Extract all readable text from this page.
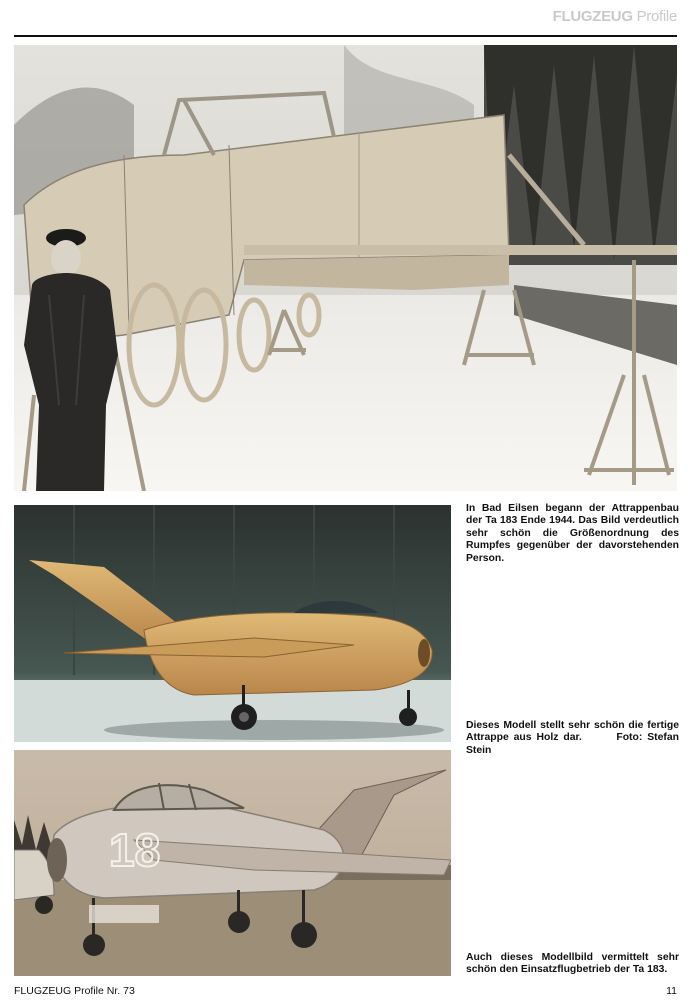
FLUGZEUG Profile
18
In Bad Eilsen begann der Attrappenbau der Ta 183 Ende 1944. Das Bild verdeutlich sehr schön die Größenordnung des Rumpfes gegenüber der davorstehenden Person.
Dieses Modell stellt sehr schön die fertige Attrappe aus Holz dar.	Foto: Stefan Stein
Auch dieses Modellbild vermittelt sehr schön den Einsatzflugbetrieb der Ta 183.
FLUGZEUG Profile Nr. 73	11
